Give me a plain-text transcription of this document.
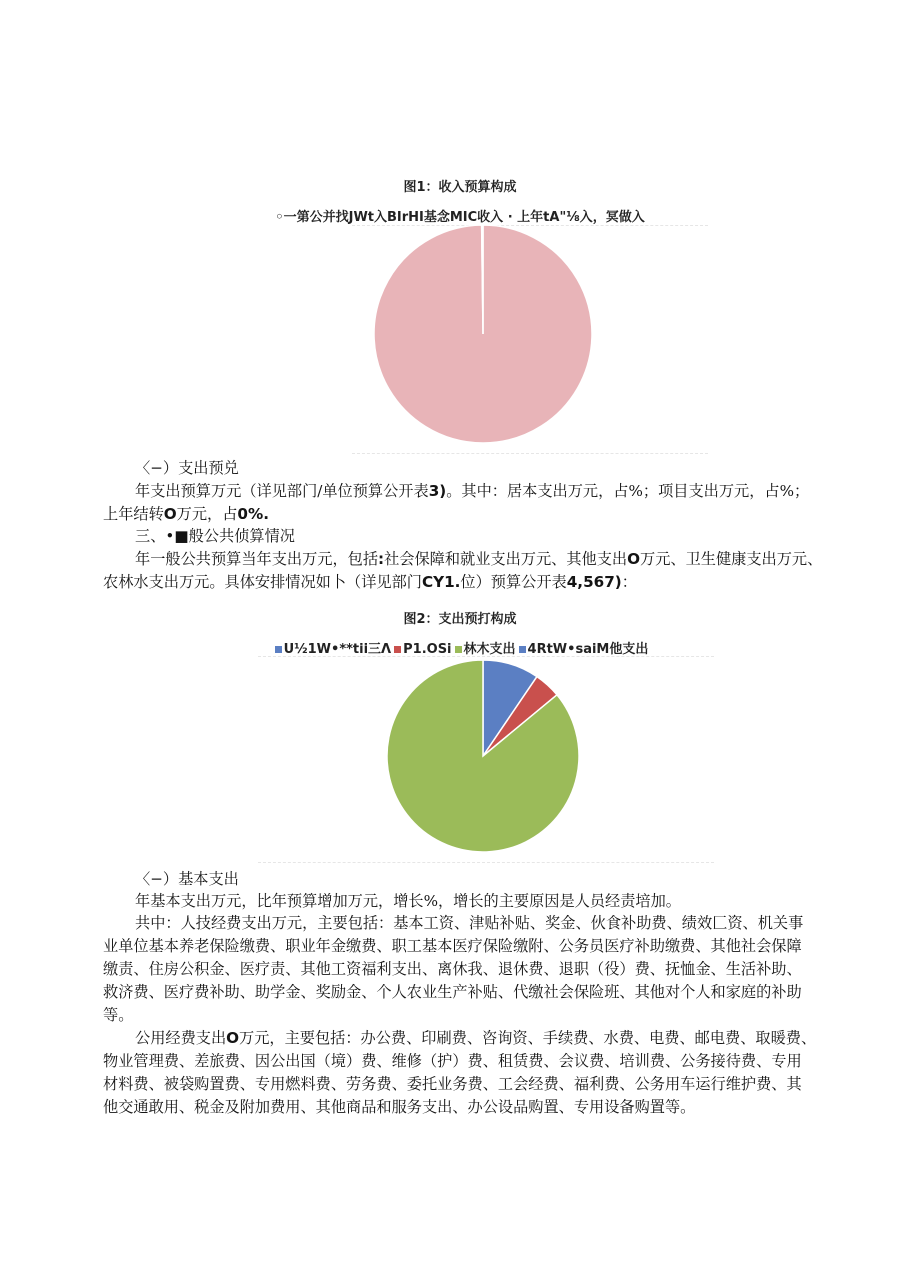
图1：收入预算构成
◦一第公并找JWt入BIrHI基念MIC收入 · 上年tA"⅛入，冥做入
〈−）支出预兑
年支出预算万元（详见部门/单位预算公开表3)。其中：居本支出万元，占%；项目支出万元，占%；
上年结转O万元，占0%.
三、•■般公共侦算情况
年一般公共预算当年支出万元，包括:社会保障和就业支出万元、其他支出O万元、卫生健康支出万元、
农林水支出万元。具体安排情况如卜（详见部门CY1.位）预算公开表4,567)：
图2：支出预打构成
U½1W•**tii三Λ P1.OSi 林木支出 4RtW•saiM他支出
〈−）基本支出
年基本支出万元，比年预算增加万元，增长%，增长的主要原因是人员经责培加。
共中：人技经费支出万元，主要包括：基本工资、津贴补贴、奖金、伙食补助费、绩效匚资、机关事
业单位基本养老保险缴费、职业年金缴费、职工基本医疗保险缴附、公务员医疗补助缴费、其他社会保障
缴责、住房公积金、医疗责、其他工资福利支出、离休我、退休费、退职（役）费、抚恤金、生活补助、
救济费、医疗费补助、助学金、奖励金、个人农业生产补贴、代缴社会保险班、其他对个人和家庭的补助
等。
公用经费支出O万元，主要包括：办公费、印刷费、咨询资、手续费、水费、电费、邮电费、取暖费、
物业管理费、差旅费、因公出国（境）费、维修（护）费、租赁费、会议费、培训费、公务接待费、专用
材料费、被袋购置费、专用燃料费、劳务费、委托业务费、工会经费、福利费、公务用车运行维护费、其
他交通敢用、税金及附加费用、其他商品和服务支出、办公设品购置、专用设备购置等。
